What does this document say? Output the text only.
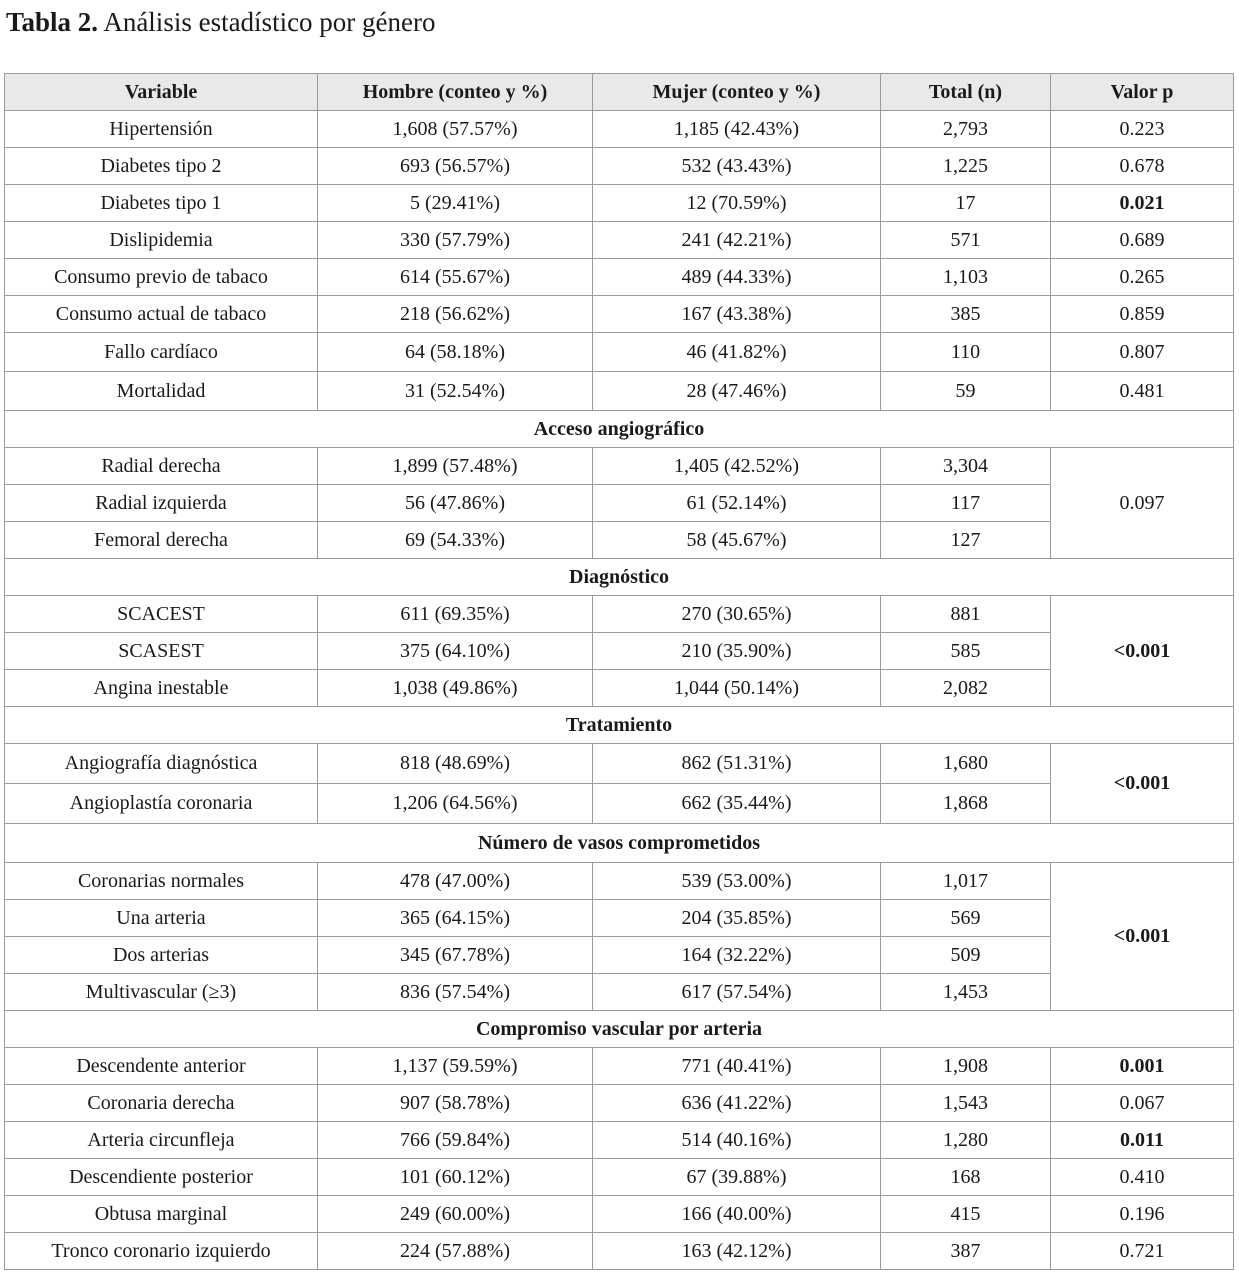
Tabla 2. Análisis estadístico por género
Variable	Hombre (conteo y %)	Mujer (conteo y %)	Total (n)	Valor p
Hipertensión	1,608 (57.57%)	1,185 (42.43%)	2,793	0.223
Diabetes tipo 2	693 (56.57%)	532 (43.43%)	1,225	0.678
Diabetes tipo 1	5 (29.41%)	12 (70.59%)	17	0.021
Dislipidemia	330 (57.79%)	241 (42.21%)	571	0.689
Consumo previo de tabaco	614 (55.67%)	489 (44.33%)	1,103	0.265
Consumo actual de tabaco	218 (56.62%)	167 (43.38%)	385	0.859
Fallo cardíaco	64 (58.18%)	46 (41.82%)	110	0.807
Mortalidad	31 (52.54%)	28 (47.46%)	59	0.481
Acceso angiográfico				
Radial derecha	1,899 (57.48%)	1,405 (42.52%)	3,304	0.097
Radial izquierda	56 (47.86%)	61 (52.14%)	117	
Femoral derecha	69 (54.33%)	58 (45.67%)	127	
Diagnóstico				
SCACEST	611 (69.35%)	270 (30.65%)	881	<0.001
SCASEST	375 (64.10%)	210 (35.90%)	585	
Angina inestable	1,038 (49.86%)	1,044 (50.14%)	2,082	
Tratamiento				
Angiografía diagnóstica	818 (48.69%)	862 (51.31%)	1,680	<0.001
Angioplastía coronaria	1,206 (64.56%)	662 (35.44%)	1,868	
Número de vasos comprometidos				
Coronarias normales	478 (47.00%)	539 (53.00%)	1,017	<0.001
Una arteria	365 (64.15%)	204 (35.85%)	569	
Dos arterias	345 (67.78%)	164 (32.22%)	509	
Multivascular (≥3)	836 (57.54%)	617 (57.54%)	1,453	
Compromiso vascular por arteria				
Descendente anterior	1,137 (59.59%)	771 (40.41%)	1,908	0.001
Coronaria derecha	907 (58.78%)	636 (41.22%)	1,543	0.067
Arteria circunfleja	766 (59.84%)	514 (40.16%)	1,280	0.011
Descendiente posterior	101 (60.12%)	67 (39.88%)	168	0.410
Obtusa marginal	249 (60.00%)	166 (40.00%)	415	0.196
Tronco coronario izquierdo	224 (57.88%)	163 (42.12%)	387	0.721
